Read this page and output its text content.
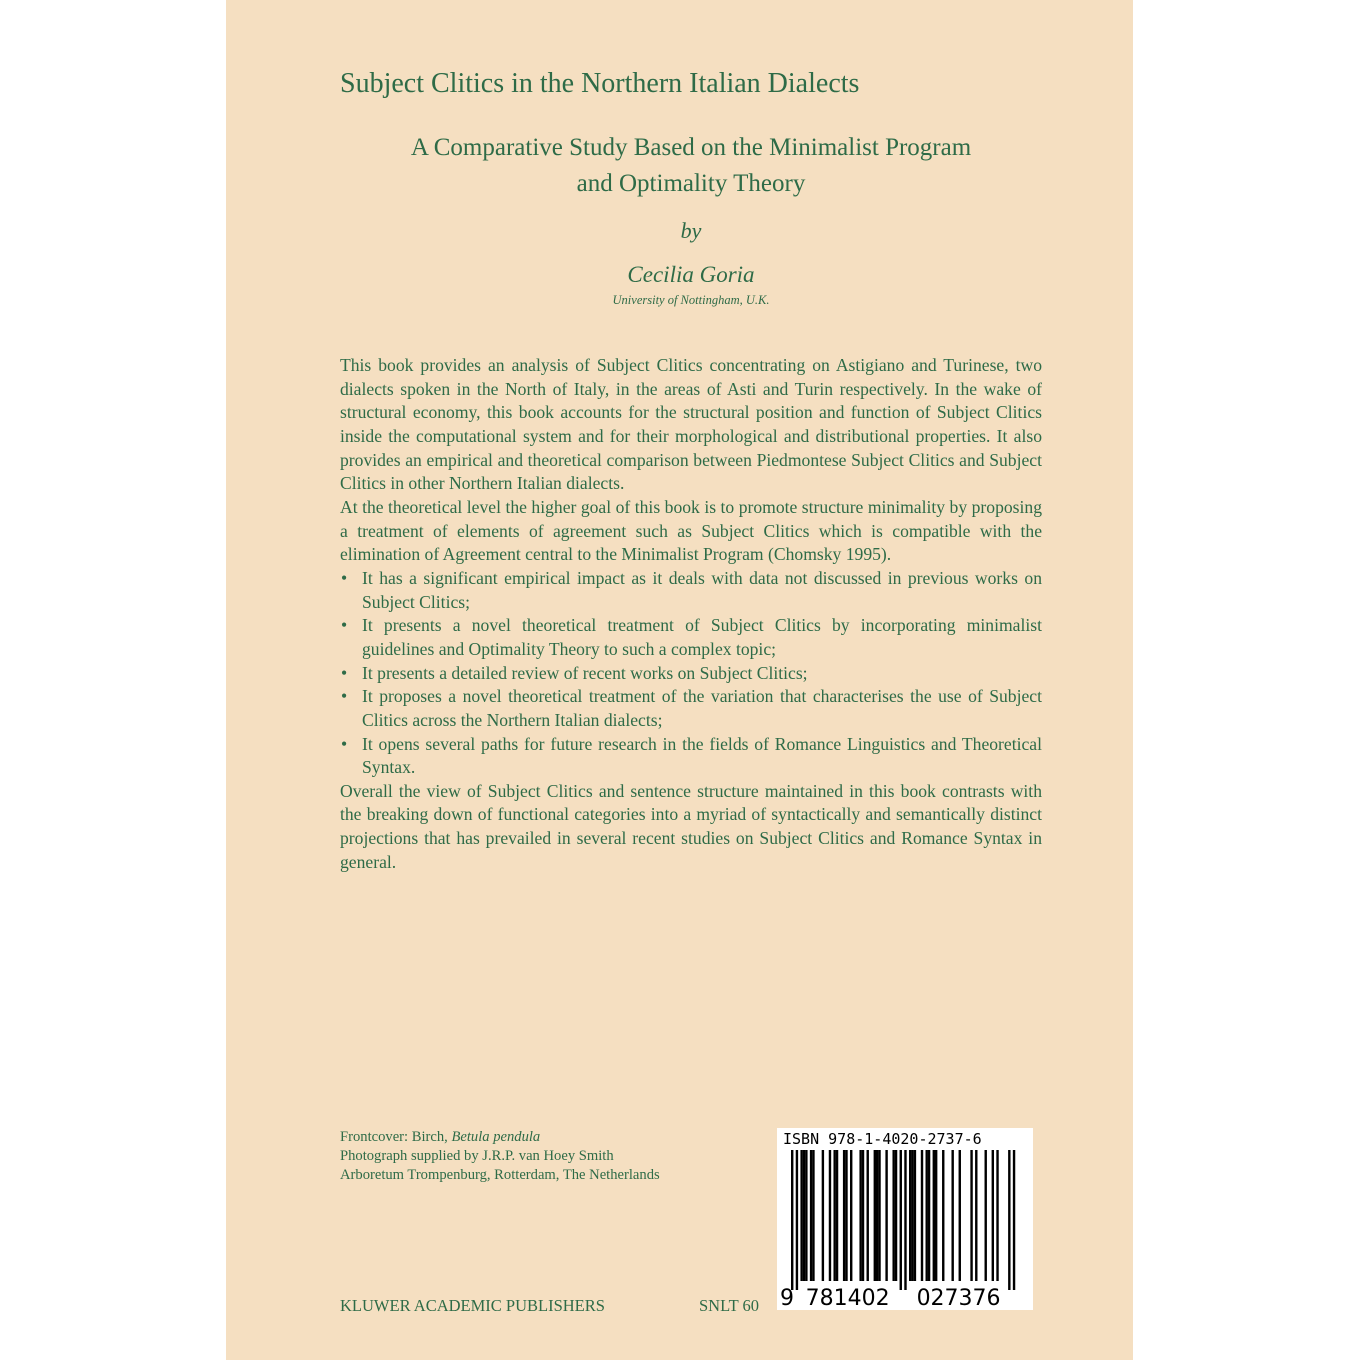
Subject Clitics in the Northern Italian Dialects
A Comparative Study Based on the Minimalist Program
and Optimality Theory
by
Cecilia Goria
University of Nottingham, U.K.

This book provides an analysis of Subject Clitics concentrating on Astigiano and Turinese, two dialects spoken in the North of Italy, in the areas of Asti and Turin respectively. In the wake of structural economy, this book accounts for the structural position and function of Subject Clitics inside the computational system and for their morphological and distributional properties. It also provides an empirical and theoretical comparison between Piedmontese Subject Clitics and Subject Clitics in other Northern Italian dialects.

At the theoretical level the higher goal of this book is to promote structure minimality by proposing a treatment of elements of agreement such as Subject Clitics which is compatible with the elimination of Agreement central to the Minimalist Program (Chomsky 1995).

• It has a significant empirical impact as it deals with data not discussed in previous works on Subject Clitics;
• It presents a novel theoretical treatment of Subject Clitics by incorporating minimalist guidelines and Optimality Theory to such a complex topic;
• It presents a detailed review of recent works on Subject Clitics;
• It proposes a novel theoretical treatment of the variation that characterises the use of Subject Clitics across the Northern Italian dialects;
• It opens several paths for future research in the fields of Romance Linguistics and Theoretical Syntax.

Overall the view of Subject Clitics and sentence structure maintained in this book contrasts with the breaking down of functional categories into a myriad of syntactically and semantically distinct projections that has prevailed in several recent studies on Subject Clitics and Romance Syntax in general.

Frontcover: Birch, Betula pendula
Photograph supplied by J.R.P. van Hoey Smith
Arboretum Trompenburg, Rotterdam, The Netherlands
KLUWER ACADEMIC PUBLISHERS	SNLT 60 9 781402 027376
ISBN 978-1-4020-2737-6
